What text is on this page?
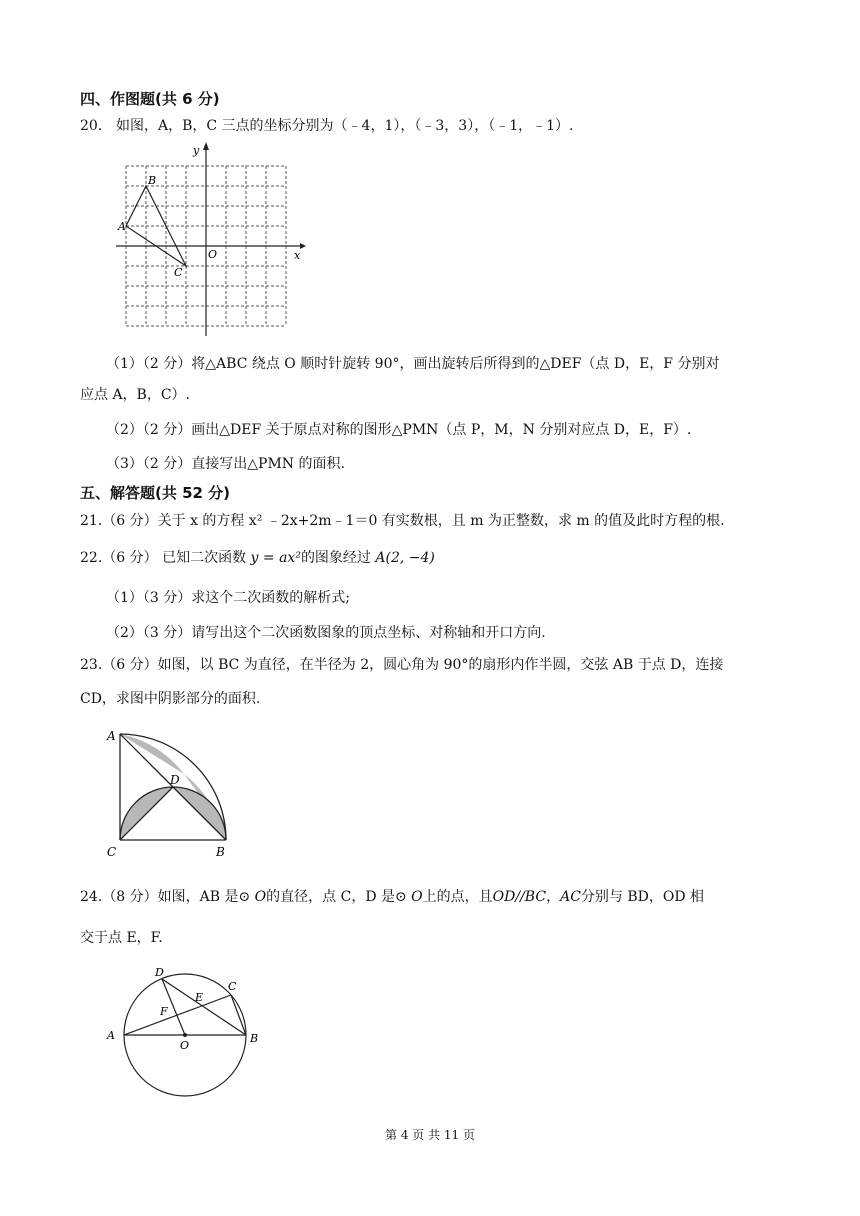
四、作图题(共 6 分)
20. 如图，A，B，C 三点的坐标分别为（﹣4，1），（﹣3，3），（﹣1，﹣1）.
A
B
C
O	x
y
（1）（2 分）将△ABC 绕点 O 顺时针旋转 90°，画出旋转后所得到的△DEF（点 D，E，F 分别对
应点 A，B，C）.
（2）（2 分）画出△DEF 关于原点对称的图形△PMN（点 P，M，N 分别对应点 D，E，F）.
（3）（2 分）直接写出△PMN 的面积.
五、解答题(共 52 分)
21.（6 分）关于 x 的方程 x² ﹣2x+2m﹣1＝0 有实数根，且 m 为正整数，求 m 的值及此时方程的根.
22.（6 分） 已知二次函数 y = ax²的图象经过 A(2, −4)
（1）（3 分）求这个二次函数的解析式;
（2）（3 分）请写出这个二次函数图象的顶点坐标、对称轴和开口方向.
23.（6 分）如图，以 BC 为直径，在半径为 2，圆心角为 90°的扇形内作半圆，交弦 AB 于点 D，连接
CD，求图中阴影部分的面积.
A
D
C	B
24.（8 分）如图，AB 是⊙ O的直径，点 C，D 是⊙ O上的点，且OD//BC，AC分别与 BD，OD 相
交于点 E，F.
A	B
C
D
E
F
O
第 4 页 共 11 页
